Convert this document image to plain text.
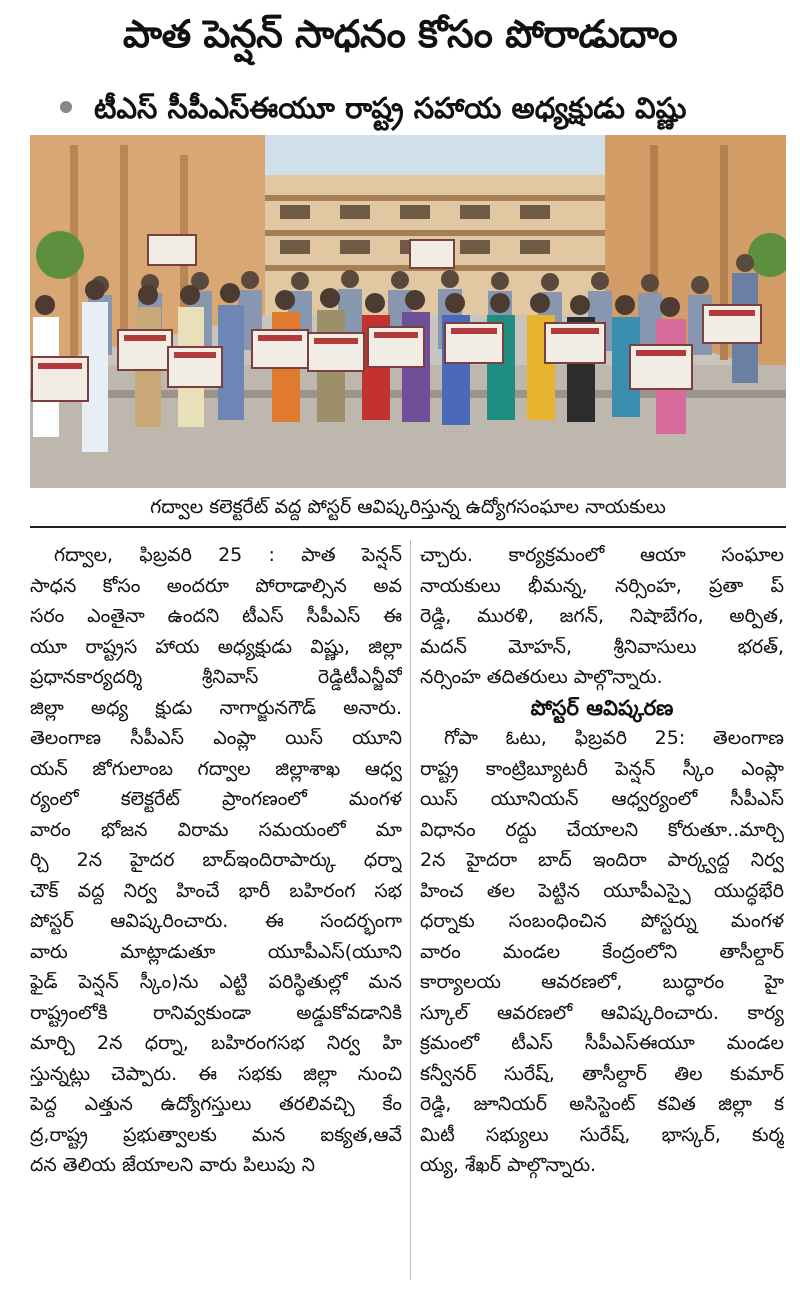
పాత పెన్షన్ సాధనం కోసం పోరాడుదాం
టీఎస్ సీపీఎస్ఈయూ రాష్ట్ర సహాయ అధ్యక్షుడు విష్ణు
గద్వాల కలెక్టరేట్ వద్ద పోస్టర్ ఆవిష్కరిస్తున్న ఉద్యోగసంఘాల నాయకులు
గద్వాల, ఫిబ్రవరి 25 : పాత పెన్షన్
సాధన కోసం అందరూ పోరాడాల్సిన అవ
సరం ఎంతైనా ఉందని టీఎస్ సీపీఎస్ ఈ
యూ రాష్ట్రస హాయ అధ్యక్షుడు విష్ణు, జిల్లా
ప్రధానకార్యదర్శి శ్రీనివాస్ రెడ్డిటీఎన్జీవో
జిల్లా అధ్య క్షుడు నాగార్జునగౌడ్ అనారు.
తెలంగాణ సీపీఎస్ ఎంప్లా యిస్ యూని
యన్ జోగులాంబ గద్వాల జిల్లాశాఖ ఆధ్వ
ర్యంలో కలెక్టరేట్ ప్రాంగణంలో మంగళ
వారం భోజన విరామ సమయంలో మా
ర్చి 2న హైదర బాద్ఇందిరాపార్కు ధర్నా
చౌక్ వద్ద నిర్వ హించే భారీ బహిరంగ సభ
పోస్టర్ ఆవిష్కరించారు. ఈ సందర్భంగా
వారు మాట్లాడుతూ యూపీఎస్(యూని
ఫైడ్ పెన్షన్ స్కీం)ను ఎట్టి పరిస్థితుల్లో మన
రాష్ట్రంలోకి రానివ్వకుండా అడ్డుకోవడానికి
మార్చి 2న ధర్నా, బహిరంగసభ నిర్వ హి
స్తున్నట్లు చెప్పారు. ఈ సభకు జిల్లా నుంచి
పెద్ద ఎత్తున ఉద్యోగస్తులు తరలివచ్చి కేం
ద్ర,రాష్ట్ర ప్రభుత్వాలకు మన ఐక్యత,ఆవే
దన తెలియ జేయాలని వారు పిలుపు ని
చ్చారు. కార్యక్రమంలో ఆయా సంఘాల
నాయకులు భీమన్న, నర్సింహ, ప్రతా ప్
రెడ్డి, మురళి, జగన్, నిషాబేగం, అర్పిత,
మదన్ మోహన్, శ్రీనివాసులు భరత్,
నర్సింహ తదితరులు పాల్గొన్నారు.
పోస్టర్ ఆవిష్కరణ
గోపా ఓటు, ఫిబ్రవరి 25: తెలంగాణ
రాష్ట్ర కాంట్రిబ్యూటరీ పెన్షన్ స్కీం ఎంప్లా
యిస్ యూనియన్ ఆధ్వర్యంలో సీపీఎస్
విధానం రద్దు చేయాలని కోరుతూ..మార్చి
2న హైదరా బాద్ ఇందిరా పార్క్వద్ద నిర్వ
హించ తల పెట్టిన యూపీఎస్పై యుద్ధభేరి
ధర్నాకు సంబంధించిన పోస్టర్ను మంగళ
వారం మండల కేంద్రంలోని తాసీల్దార్
కార్యాలయ ఆవరణలో, బుద్ధారం హై
స్కూల్ ఆవరణలో ఆవిష్కరించారు. కార్య
క్రమంలో టీఎస్ సీపీఎస్ఈయూ మండల
కన్వీనర్ సురేష్, తాసీల్దార్ తిల కుమార్
రెడ్డి, జూనియర్ అసిస్టెంట్ కవిత జిల్లా క
మిటీ సభ్యులు సురేష్, భాస్కర్, కుర్మ
య్య, శేఖర్ పాల్గొన్నారు.
